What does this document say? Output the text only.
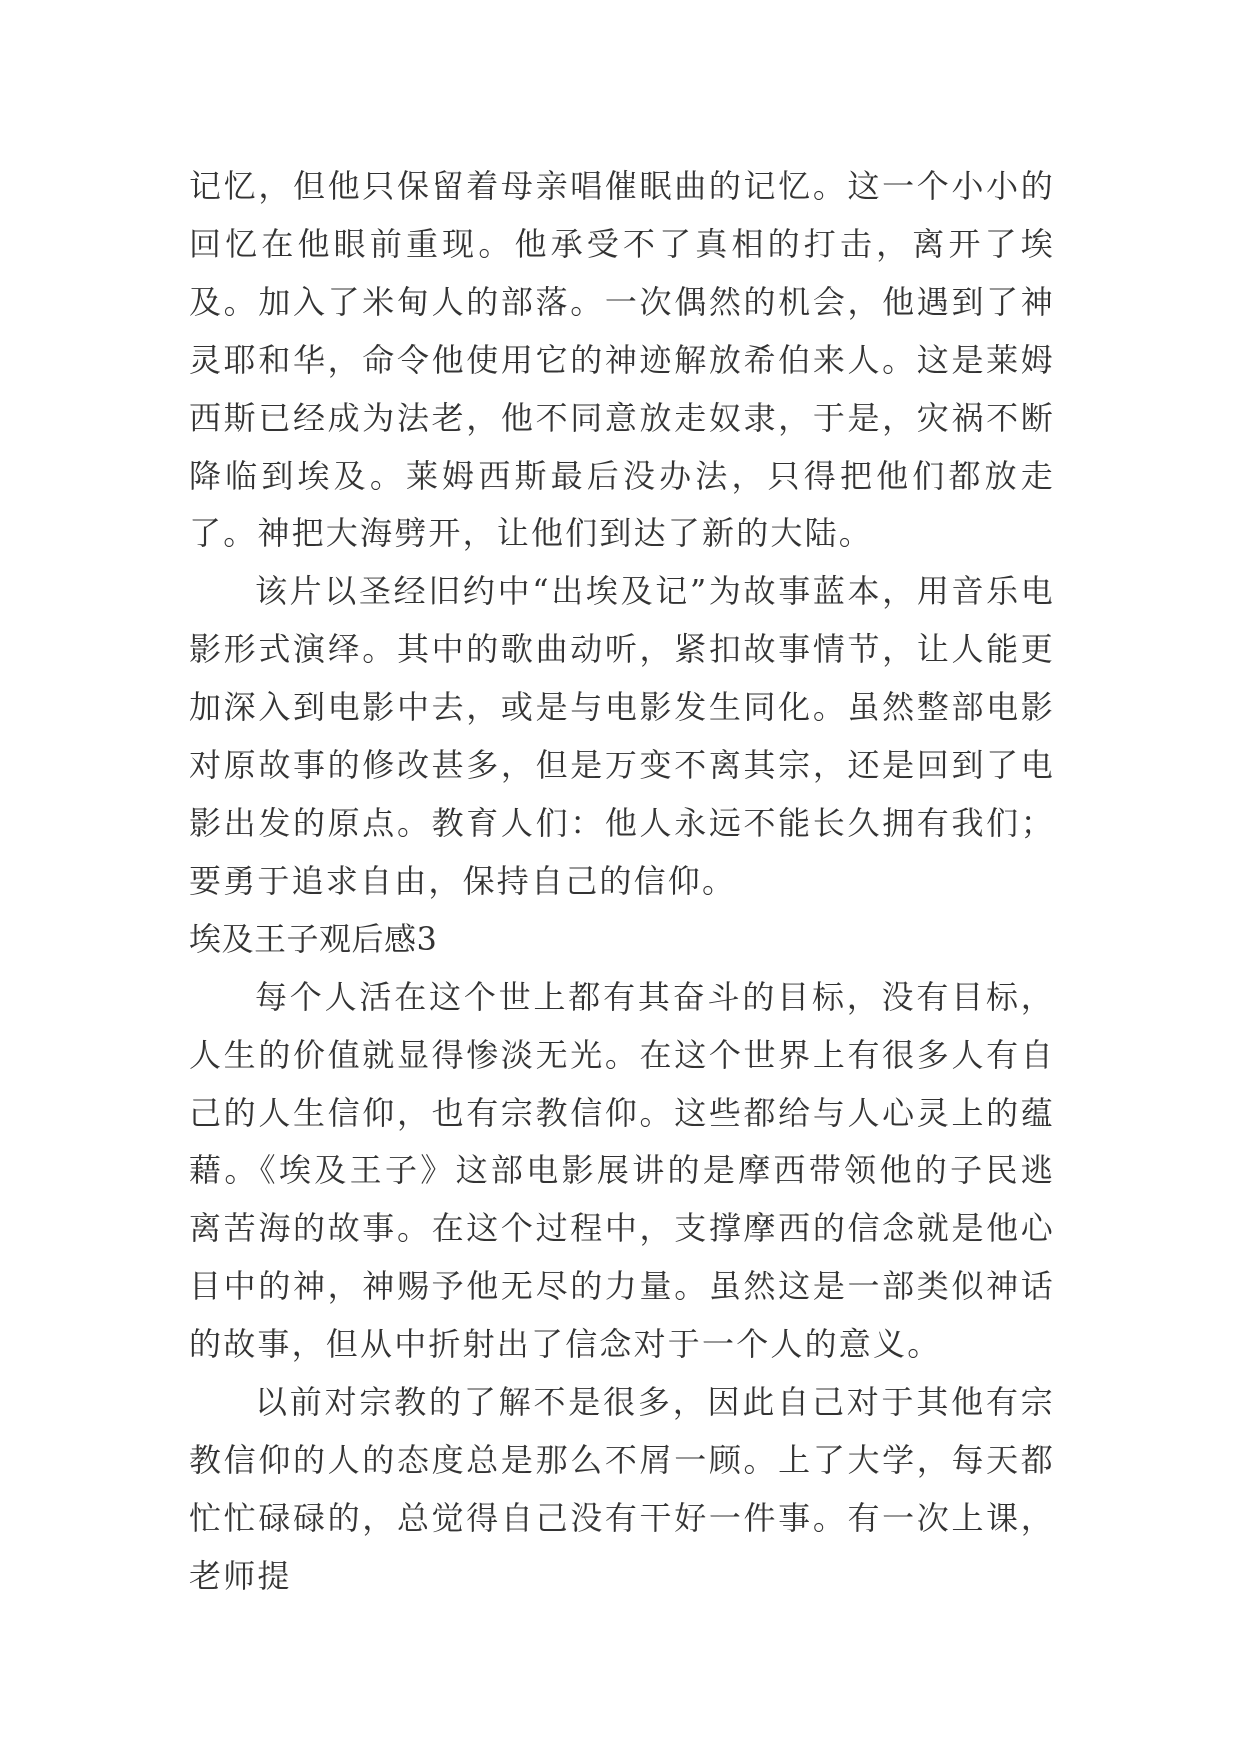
记忆，但他只保留着母亲唱催眠曲的记忆。这一个小小的回忆在他眼前重现。他承受不了真相的打击，离开了埃及。加入了米甸人的部落。一次偶然的机会，他遇到了神灵耶和华，命令他使用它的神迹解放希伯来人。这是莱姆西斯已经成为法老，他不同意放走奴隶，于是，灾祸不断降临到埃及。莱姆西斯最后没办法，只得把他们都放走了。神把大海劈开，让他们到达了新的大陆。

该片以圣经旧约中“出埃及记”为故事蓝本，用音乐电影形式演绎。其中的歌曲动听，紧扣故事情节，让人能更加深入到电影中去，或是与电影发生同化。虽然整部电影对原故事的修改甚多，但是万变不离其宗，还是回到了电影出发的原点。教育人们：他人永远不能长久拥有我们；要勇于追求自由，保持自己的信仰。

埃及王子观后感3

每个人活在这个世上都有其奋斗的目标，没有目标，人生的价值就显得惨淡无光。在这个世界上有很多人有自己的人生信仰，也有宗教信仰。这些都给与人心灵上的蕴藉。《埃及王子》这部电影展讲的是摩西带领他的子民逃离苦海的故事。在这个过程中，支撑摩西的信念就是他心目中的神，神赐予他无尽的力量。虽然这是一部类似神话的故事，但从中折射出了信念对于一个人的意义。

以前对宗教的了解不是很多，因此自己对于其他有宗教信仰的人的态度总是那么不屑一顾。上了大学，每天都忙忙碌碌的，总觉得自己没有干好一件事。有一次上课，老师提
